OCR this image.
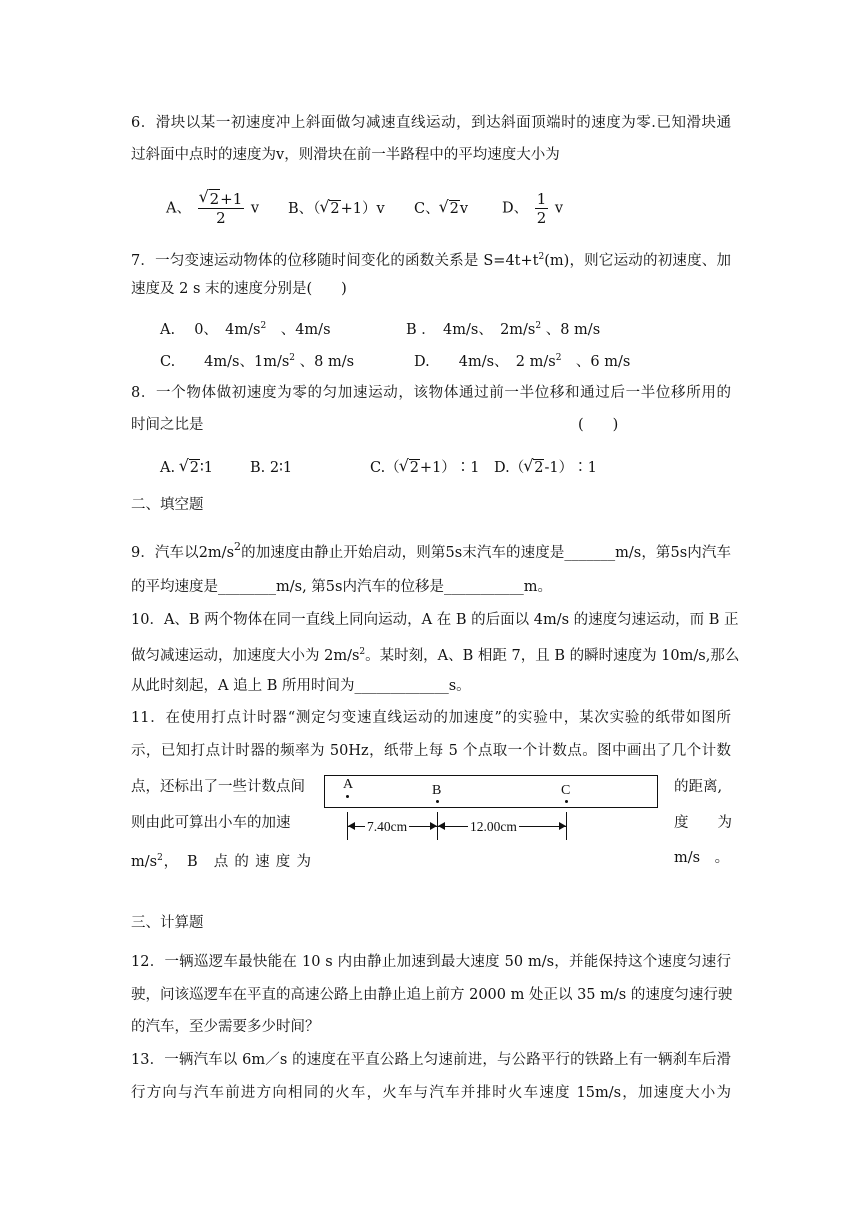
6．滑块以某一初速度冲上斜面做匀减速直线运动，到达斜面顶端时的速度为零.已知滑块通
过斜面中点时的速度为v，则滑块在前一半路程中的平均速度大小为
A、 √ $\frac{2+1}{2}$ v B、（ √ 2+1）v C、 √ 2v D、 $\frac{1}{2}$ v
7．一匀变速运动物体的位移随时间变化的函数关系是 $S=4t+t^2(m)$，则它运动的初速度、加
速度及 2 s 末的速度分别是(　　)
A.　 0、　$4m/s^2$　、4m/s	B ．　4m/s、　$2m/s^2$ 、8 m/s
C.　　4m/s、$1m/s^2$ 、8 m/s	D.　　4m/s、　2 $m/s^2$　、6 m/s
8．一个物体做初速度为零的匀加速运动，该物体通过前一半位移和通过后一半位移所用的
时间之比是	(　　)
A. √ 2∶1	B. 2∶1	C.（ √ 2+1）∶1 D.（ √ 2-1）∶1
二、填空题
9．汽车以$2m/s^2$的加速度由静止开始启动，则第5s末汽车的速度是_______m/s，第5s内汽车
的平均速度是________m/s, 第5s内汽车的位移是___________m。
10．A、B 两个物体在同一直线上同向运动，A 在 B 的后面以 4m/s 的速度匀速运动，而 B 正
做匀减速运动，加速度大小为 $2m/s^2$。某时刻，A、B 相距 7，且 B 的瞬时速度为 10m/s,那么
从此时刻起，A 追上 B 所用时间为_____________s。
11．在使用打点计时器“测定匀变速直线运动的加速度”的实验中，某次实验的纸带如图所
示，已知打点计时器的频率为 50Hz，纸带上每 5 个点取一个计数点。图中画出了几个计数
点，还标出了一些计数点间	的距离,
则由此可算出小车的加速	度　　为
$m/s^2$，　B　点 的 速 度 为	m/s　。
A	B	C
7.40cm	12.00cm
三、计算题
12．一辆巡逻车最快能在 10 s 内由静止加速到最大速度 50 m/s，并能保持这个速度匀速行
驶，问该巡逻车在平直的高速公路上由静止追上前方 2000 m 处正以 35 m/s 的速度匀速行驶
的汽车，至少需要多少时间？
13．一辆汽车以 6m／s 的速度在平直公路上匀速前进，与公路平行的铁路上有一辆刹车后滑
行方向与汽车前进方向相同的火车，火车与汽车并排时火车速度 15m/s，加速度大小为
